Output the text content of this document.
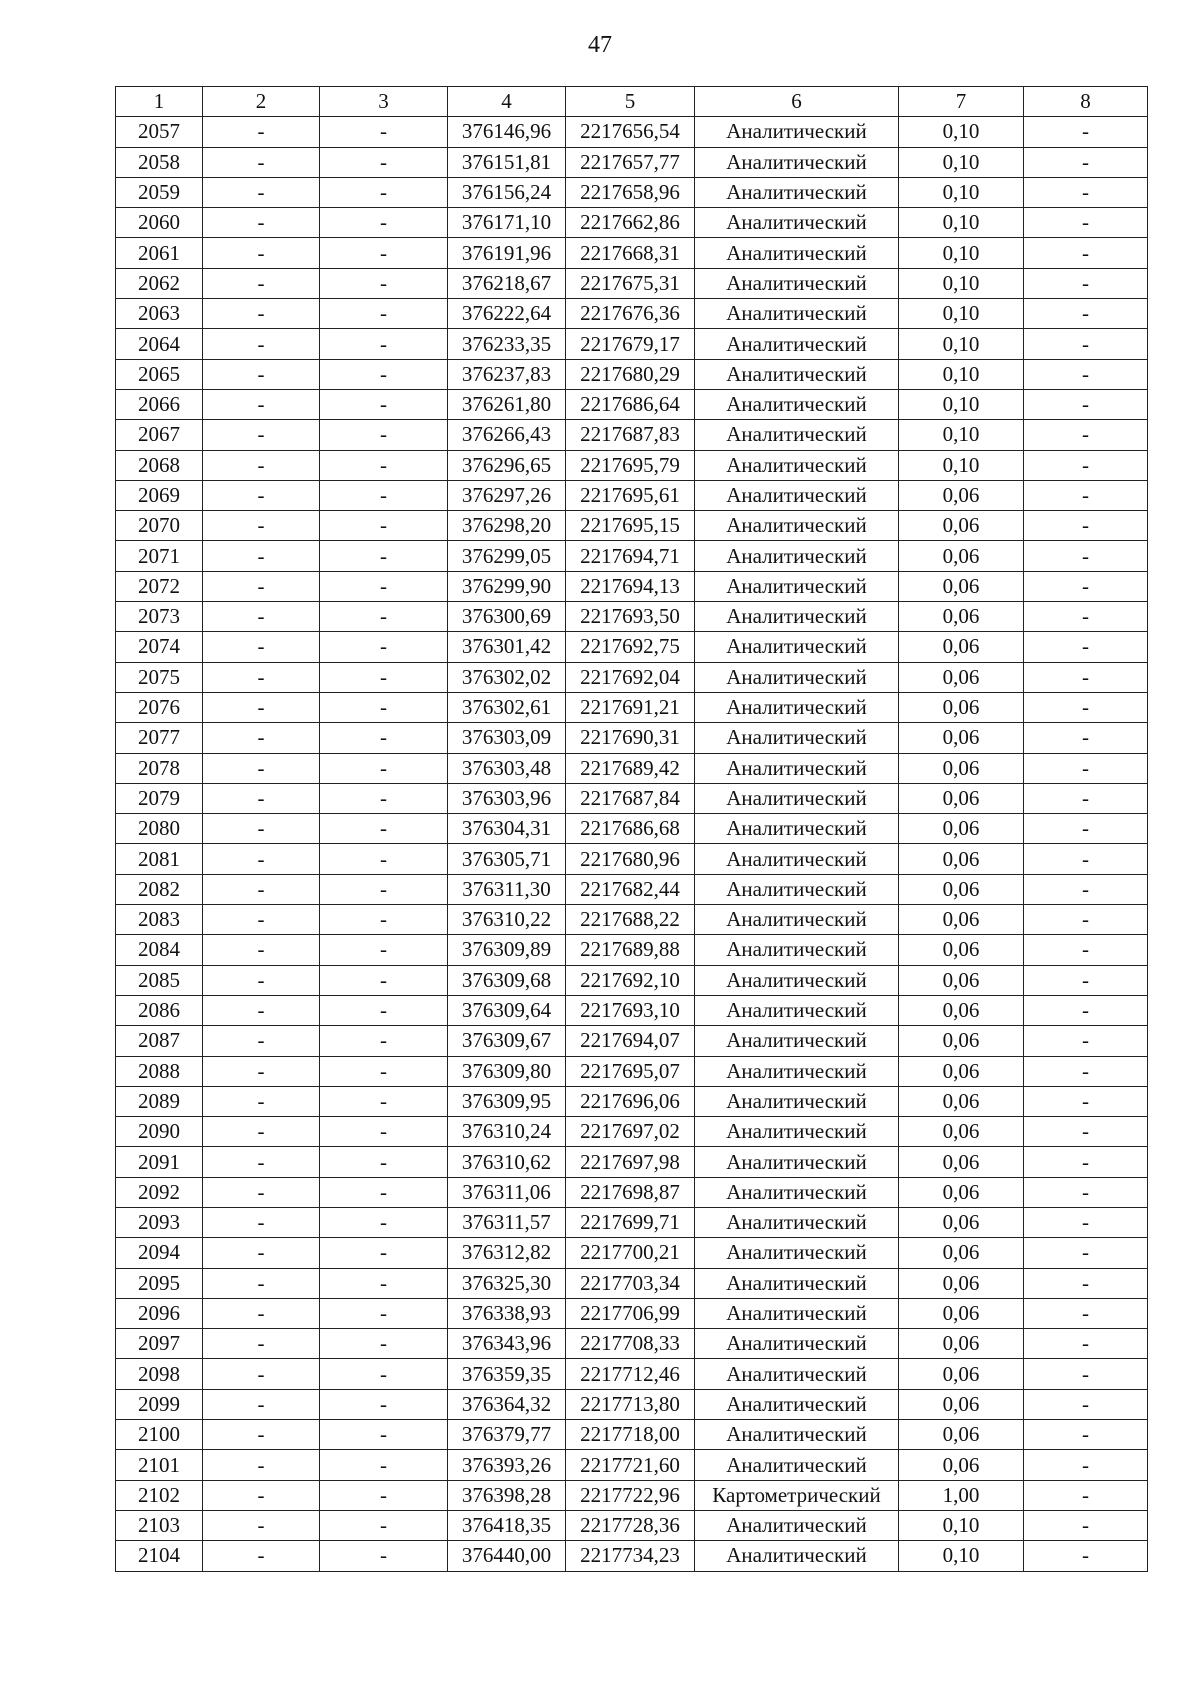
47
1	2	3	4	5	6	7	8
2057	-	-	376146,96	2217656,54	Аналитический	0,10	-
2058	-	-	376151,81	2217657,77	Аналитический	0,10	-
2059	-	-	376156,24	2217658,96	Аналитический	0,10	-
2060	-	-	376171,10	2217662,86	Аналитический	0,10	-
2061	-	-	376191,96	2217668,31	Аналитический	0,10	-
2062	-	-	376218,67	2217675,31	Аналитический	0,10	-
2063	-	-	376222,64	2217676,36	Аналитический	0,10	-
2064	-	-	376233,35	2217679,17	Аналитический	0,10	-
2065	-	-	376237,83	2217680,29	Аналитический	0,10	-
2066	-	-	376261,80	2217686,64	Аналитический	0,10	-
2067	-	-	376266,43	2217687,83	Аналитический	0,10	-
2068	-	-	376296,65	2217695,79	Аналитический	0,10	-
2069	-	-	376297,26	2217695,61	Аналитический	0,06	-
2070	-	-	376298,20	2217695,15	Аналитический	0,06	-
2071	-	-	376299,05	2217694,71	Аналитический	0,06	-
2072	-	-	376299,90	2217694,13	Аналитический	0,06	-
2073	-	-	376300,69	2217693,50	Аналитический	0,06	-
2074	-	-	376301,42	2217692,75	Аналитический	0,06	-
2075	-	-	376302,02	2217692,04	Аналитический	0,06	-
2076	-	-	376302,61	2217691,21	Аналитический	0,06	-
2077	-	-	376303,09	2217690,31	Аналитический	0,06	-
2078	-	-	376303,48	2217689,42	Аналитический	0,06	-
2079	-	-	376303,96	2217687,84	Аналитический	0,06	-
2080	-	-	376304,31	2217686,68	Аналитический	0,06	-
2081	-	-	376305,71	2217680,96	Аналитический	0,06	-
2082	-	-	376311,30	2217682,44	Аналитический	0,06	-
2083	-	-	376310,22	2217688,22	Аналитический	0,06	-
2084	-	-	376309,89	2217689,88	Аналитический	0,06	-
2085	-	-	376309,68	2217692,10	Аналитический	0,06	-
2086	-	-	376309,64	2217693,10	Аналитический	0,06	-
2087	-	-	376309,67	2217694,07	Аналитический	0,06	-
2088	-	-	376309,80	2217695,07	Аналитический	0,06	-
2089	-	-	376309,95	2217696,06	Аналитический	0,06	-
2090	-	-	376310,24	2217697,02	Аналитический	0,06	-
2091	-	-	376310,62	2217697,98	Аналитический	0,06	-
2092	-	-	376311,06	2217698,87	Аналитический	0,06	-
2093	-	-	376311,57	2217699,71	Аналитический	0,06	-
2094	-	-	376312,82	2217700,21	Аналитический	0,06	-
2095	-	-	376325,30	2217703,34	Аналитический	0,06	-
2096	-	-	376338,93	2217706,99	Аналитический	0,06	-
2097	-	-	376343,96	2217708,33	Аналитический	0,06	-
2098	-	-	376359,35	2217712,46	Аналитический	0,06	-
2099	-	-	376364,32	2217713,80	Аналитический	0,06	-
2100	-	-	376379,77	2217718,00	Аналитический	0,06	-
2101	-	-	376393,26	2217721,60	Аналитический	0,06	-
2102	-	-	376398,28	2217722,96	Картометрический	1,00	-
2103	-	-	376418,35	2217728,36	Аналитический	0,10	-
2104	-	-	376440,00	2217734,23	Аналитический	0,10	-
